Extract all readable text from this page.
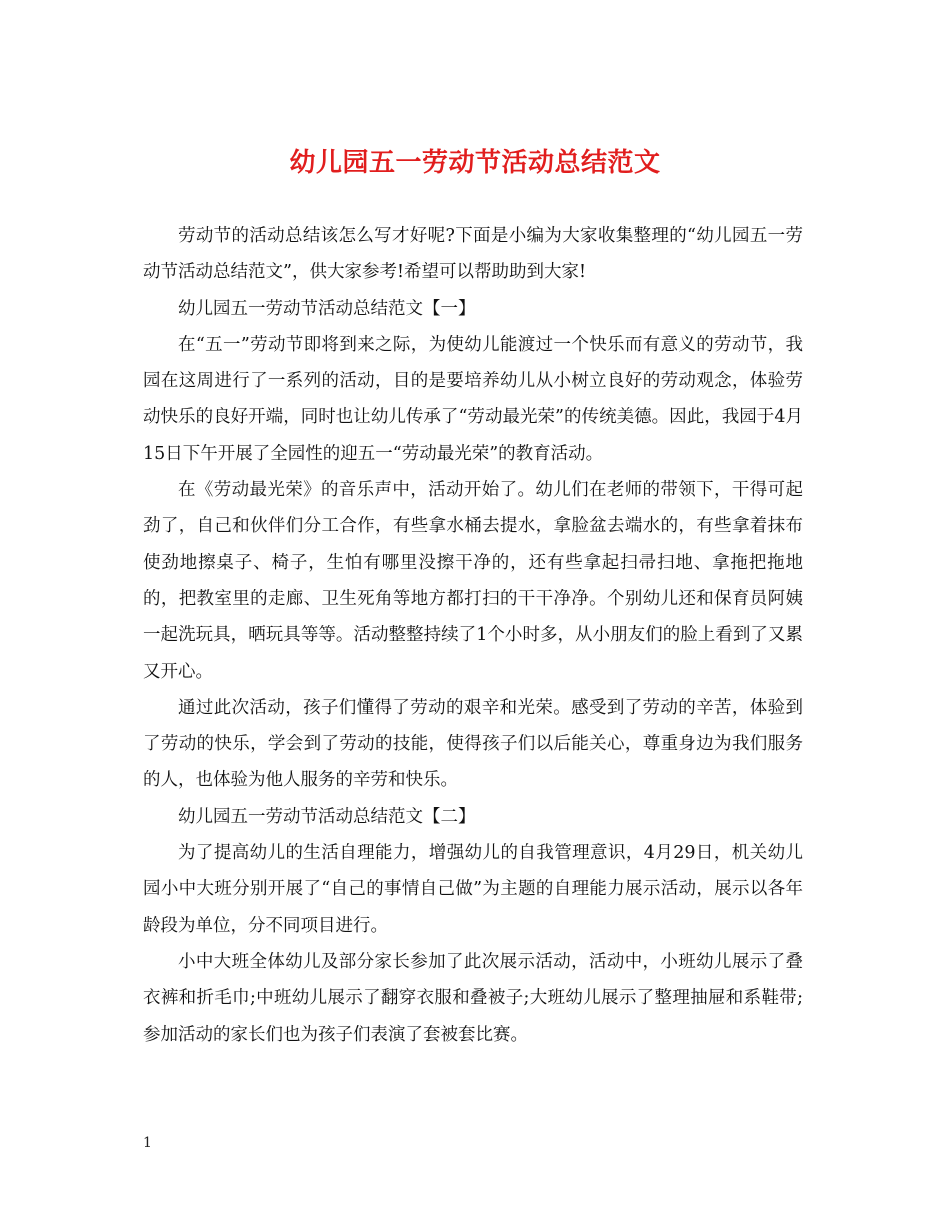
幼儿园五一劳动节活动总结范文

劳动节的活动总结该怎么写才好呢?下面是小编为大家收集整理的“幼儿园五一劳动节活动总结范文”，供大家参考!希望可以帮助助到大家!

幼儿园五一劳动节活动总结范文【一】

在“五一”劳动节即将到来之际，为使幼儿能渡过一个快乐而有意义的劳动节，我园在这周进行了一系列的活动，目的是要培养幼儿从小树立良好的劳动观念，体验劳动快乐的良好开端，同时也让幼儿传承了“劳动最光荣”的传统美德。因此，我园于4月15日下午开展了全园性的迎五一“劳动最光荣”的教育活动。

在《劳动最光荣》的音乐声中，活动开始了。幼儿们在老师的带领下，干得可起劲了，自己和伙伴们分工合作，有些拿水桶去提水，拿脸盆去端水的，有些拿着抹布使劲地擦桌子、椅子，生怕有哪里没擦干净的，还有些拿起扫帚扫地、拿拖把拖地的，把教室里的走廊、卫生死角等地方都打扫的干干净净。个别幼儿还和保育员阿姨一起洗玩具，晒玩具等等。活动整整持续了1个小时多，从小朋友们的脸上看到了又累又开心。

通过此次活动，孩子们懂得了劳动的艰辛和光荣。感受到了劳动的辛苦，体验到了劳动的快乐，学会到了劳动的技能，使得孩子们以后能关心，尊重身边为我们服务的人，也体验为他人服务的辛劳和快乐。

幼儿园五一劳动节活动总结范文【二】

为了提高幼儿的生活自理能力，增强幼儿的自我管理意识，4月29日，机关幼儿园小中大班分别开展了“自己的事情自己做”为主题的自理能力展示活动，展示以各年龄段为单位，分不同项目进行。

小中大班全体幼儿及部分家长参加了此次展示活动，活动中，小班幼儿展示了叠衣裤和折毛巾;中班幼儿展示了翻穿衣服和叠被子;大班幼儿展示了整理抽屉和系鞋带;参加活动的家长们也为孩子们表演了套被套比赛。

1
